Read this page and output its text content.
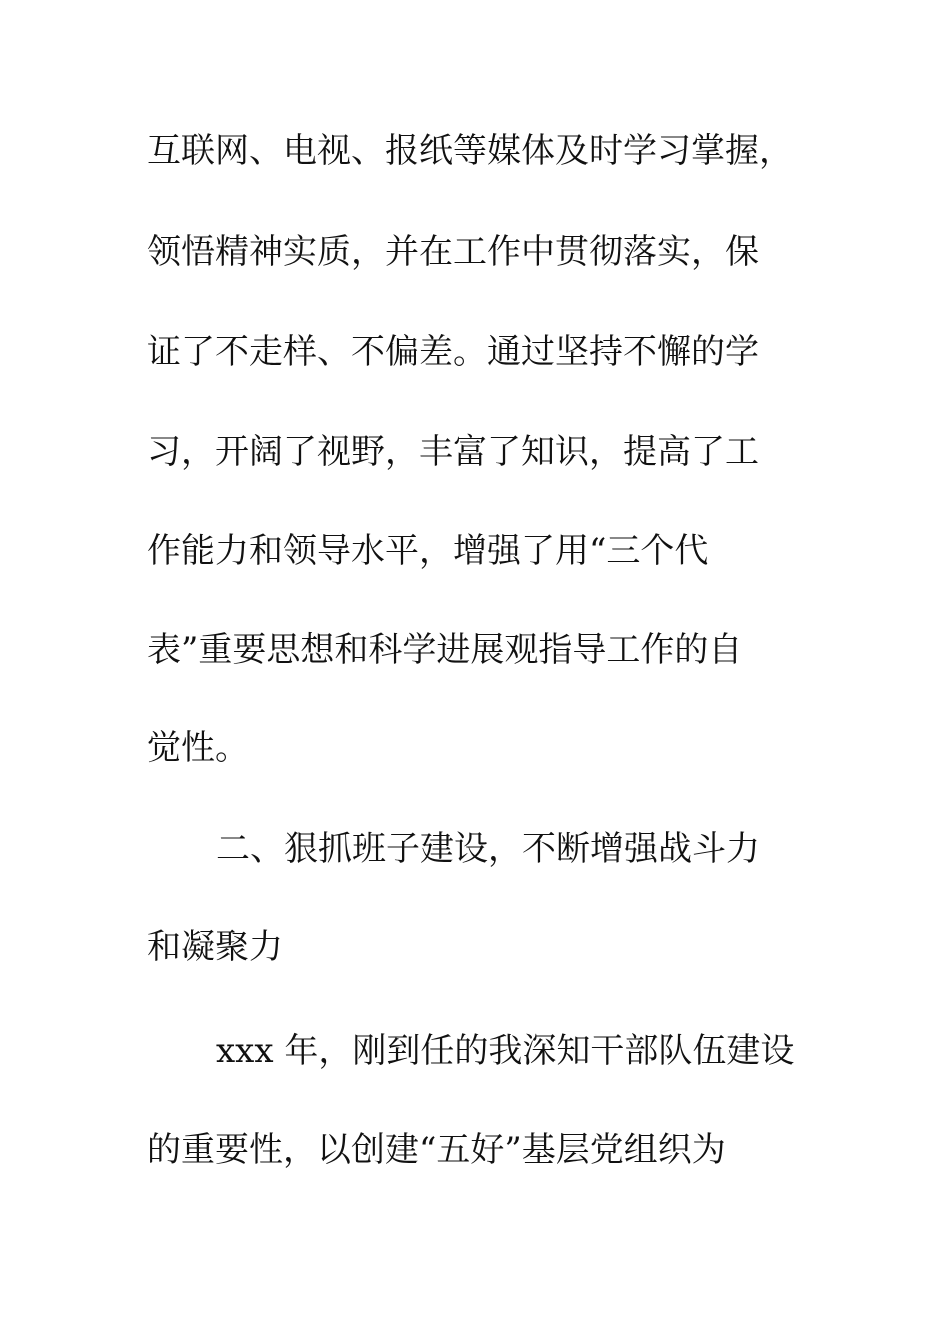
互联网、电视、报纸等媒体及时学习掌握，
领悟精神实质，并在工作中贯彻落实，保
证了不走样、不偏差。通过坚持不懈的学
习，开阔了视野，丰富了知识，提高了工
作能力和领导水平，增强了用“三个代
表”重要思想和科学进展观指导工作的自
觉性。
二、狠抓班子建设，不断增强战斗力
和凝聚力
xxx 年，刚到任的我深知干部队伍建设
的重要性，以创建“五好”基层党组织为
